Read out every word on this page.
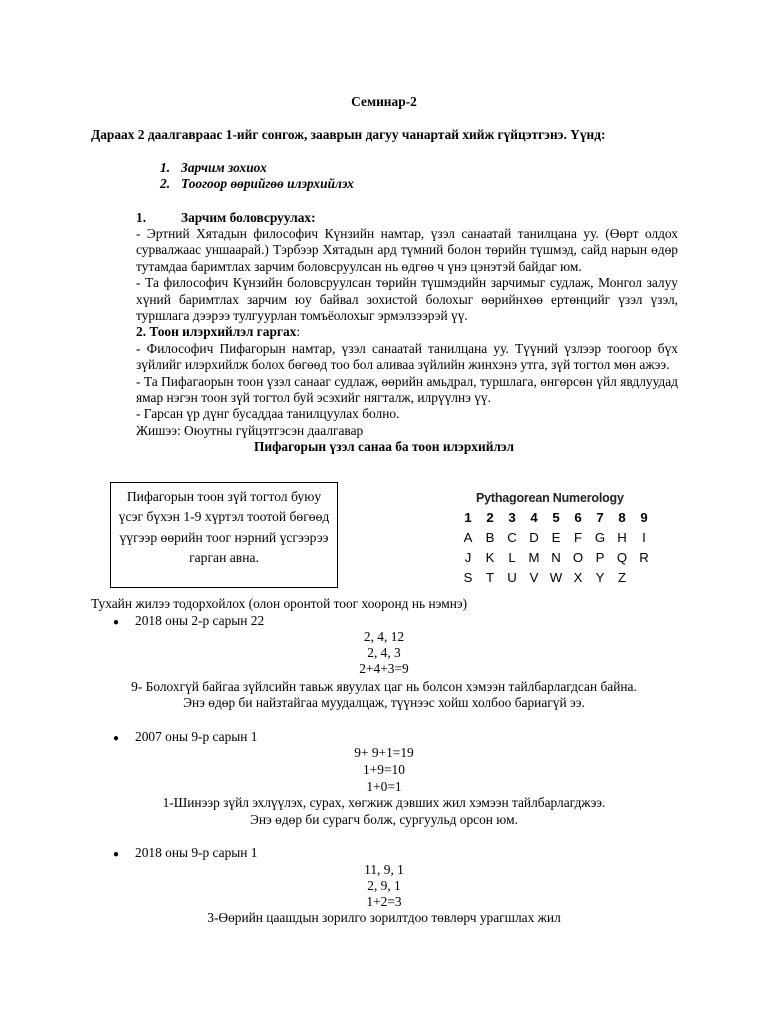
Семинар-2
Дараах 2 даалгавраас 1-ийг сонгож, зааврын дагуу чанартай хийж гүйцэтгэнэ. Үүнд:
1. Зарчим зохиох
2. Тоогоор өөрийгөө илэрхийлэх
1.	Зарчим боловсруулах:

- Эртний Хятадын философич Күнзийн намтар, үзэл санаатай танилцана уу. (Өөрт олдох сурвалжаас уншаарай.) Тэрбээр Хятадын ард түмний болон төрийн түшмэд, сайд нарын өдөр тутамдаа баримтлах зарчим боловсруулсан нь өдгөө ч үнэ цэнэтэй байдаг юм.

- Та философич Күнзийн боловсруулсан төрийн түшмэдийн зарчимыг судлаж, Монгол залуу хүний баримтлах зарчим юу байвал зохистой болохыг өөрийнхөө ертөнцийг үзэл үзэл, туршлага дээрээ тулгуурлан томъёолохыг эрмэлзээрэй үү.

2. Тоон илэрхийлэл гаргах:

- Философич Пифагорын намтар, үзэл санаатай танилцана уу. Түүний үзлээр тоогоор бүх зүйлийг илэрхийлж болох бөгөөд тоо бол аливаа зүйлийн жинхэнэ утга, зүй тогтол мөн ажээ.

- Та Пифагаорын тоон үзэл санааг судлаж, өөрийн амьдрал, туршлага, өнгөрсөн үйл явдлуудад ямар нэгэн тоон зүй тогтол буй эсэхийг нягталж, илрүүлнэ үү.

- Гарсан үр дүнг бусаддаа танилцуулах болно.

Жишээ: Оюутны гүйцэтгэсэн даалгавар

Пифагорын үзэл санаа ба тоон илэрхийлэл
Пифагорын тоон зүй тогтол буюу үсэг бүхэн 1-9 хүртэл тоотой бөгөөд үүгээр өөрийн тоог нэрний үсгээрээ гарган авна.
Pythagorean Numerology
1	2	3	4	5	6	7	8	9
A	B C D E	F G H	I
J	K	L M N O P Q R
S	T	U V W X	Y	Z
Тухайн жилээ тодорхойлох (олон оронтой тоог хооронд нь нэмнэ)
● 2018 оны 2-р сарын 22
2, 4, 12
2, 4, 3
2+4+3=9
9- Болохгүй байгаа зүйлсийн тавьж явуулах цаг нь болсон хэмээн тайлбарлагдсан байна.
Энэ өдөр би найзтайгаа муудалцаж, түүнээс хойш холбоо бариагүй ээ.
● 2007 оны 9-р сарын 1
9+ 9+1=19
1+9=10
1+0=1
1-Шинээр зүйл эхлүүлэх, сурах, хөгжиж дэвших жил хэмээн тайлбарлагджээ.
Энэ өдөр би сурагч болж, сургуульд орсон юм.
● 2018 оны 9-р сарын 1
11, 9, 1
2, 9, 1
1+2=3
3-Өөрийн цаашдын зорилго зорилтдоо төвлөрч урагшлах жил
